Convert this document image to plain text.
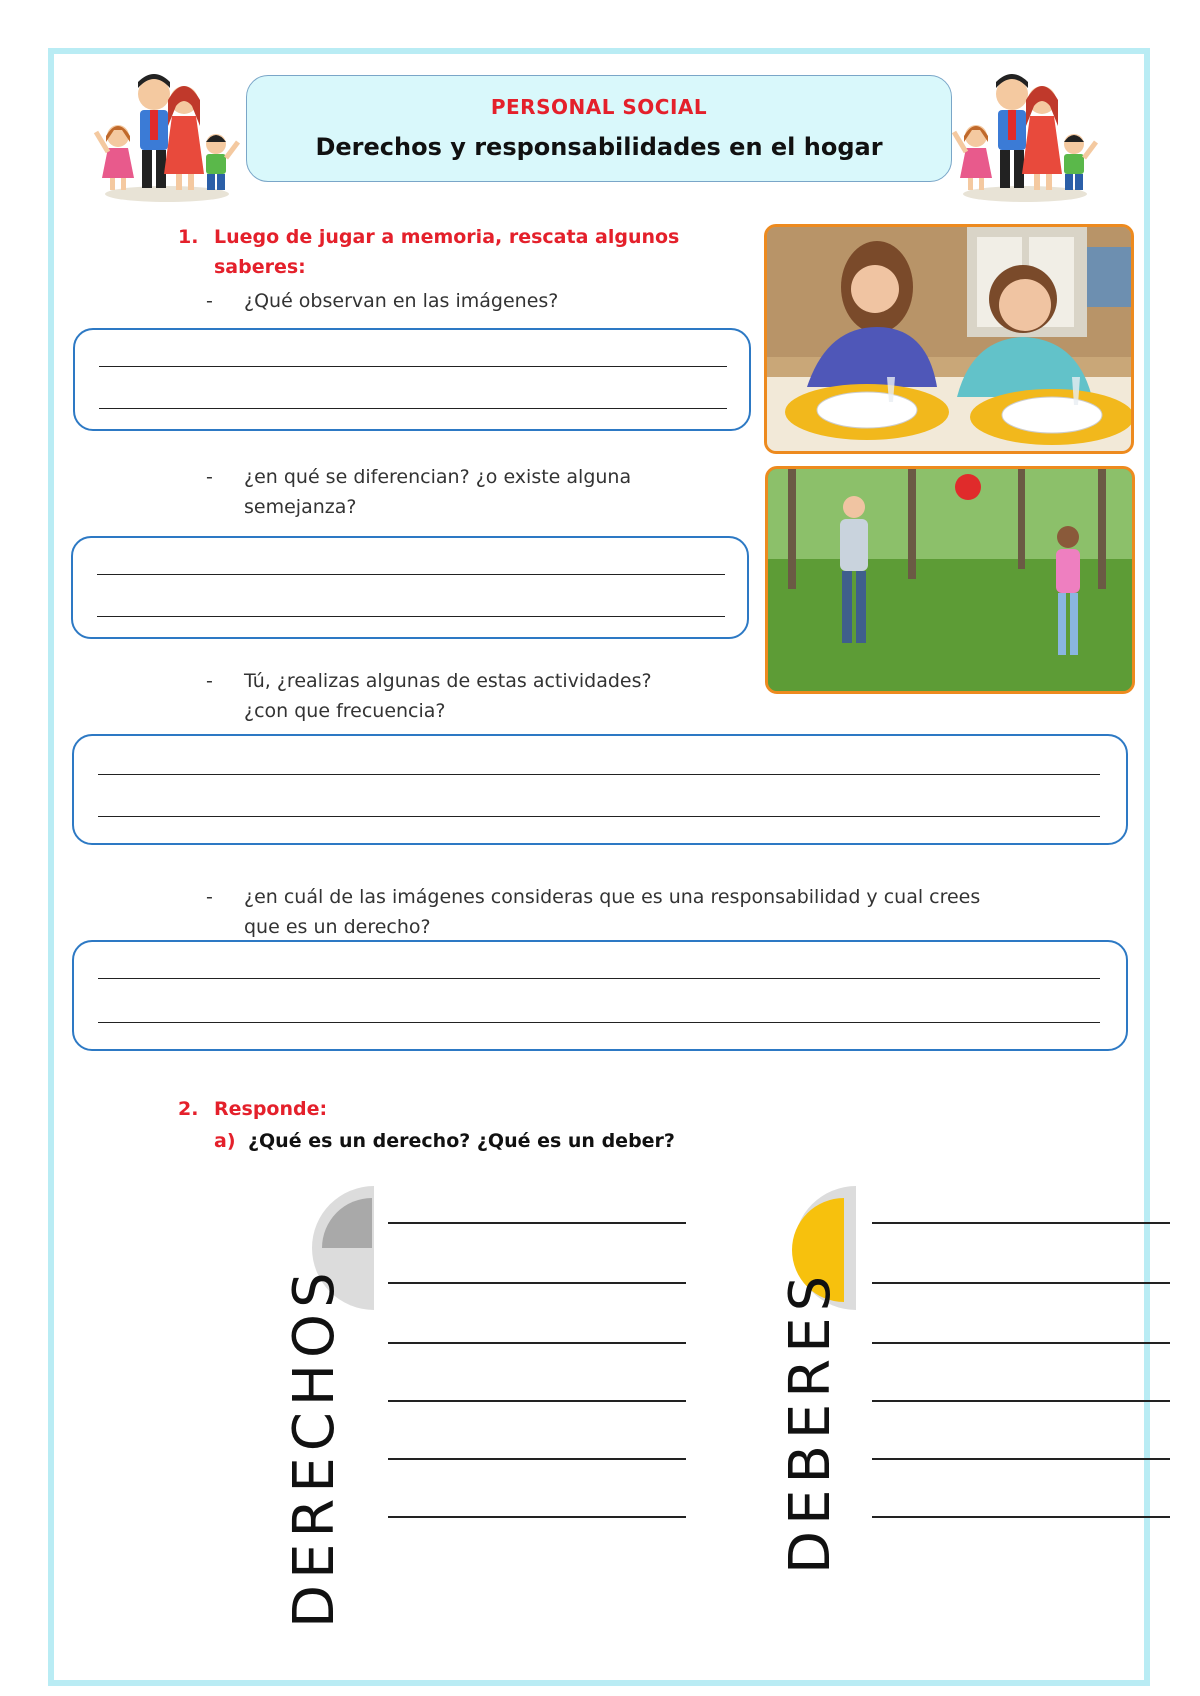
PERSONAL SOCIAL
Derechos y responsabilidades en el hogar
1. Luego de jugar a memoria, rescata algunos
saberes:
- ¿Qué observan en las imágenes?
- ¿en qué se diferencian? ¿o existe alguna
semejanza?
- Tú, ¿realizas algunas de estas actividades?
¿con que frecuencia?
- ¿en cuál de las imágenes consideras que es una responsabilidad y cual crees
que es un derecho?
2. Responde:
a) ¿Qué es un derecho? ¿Qué es un deber?
DERECHOS	DEBERES
